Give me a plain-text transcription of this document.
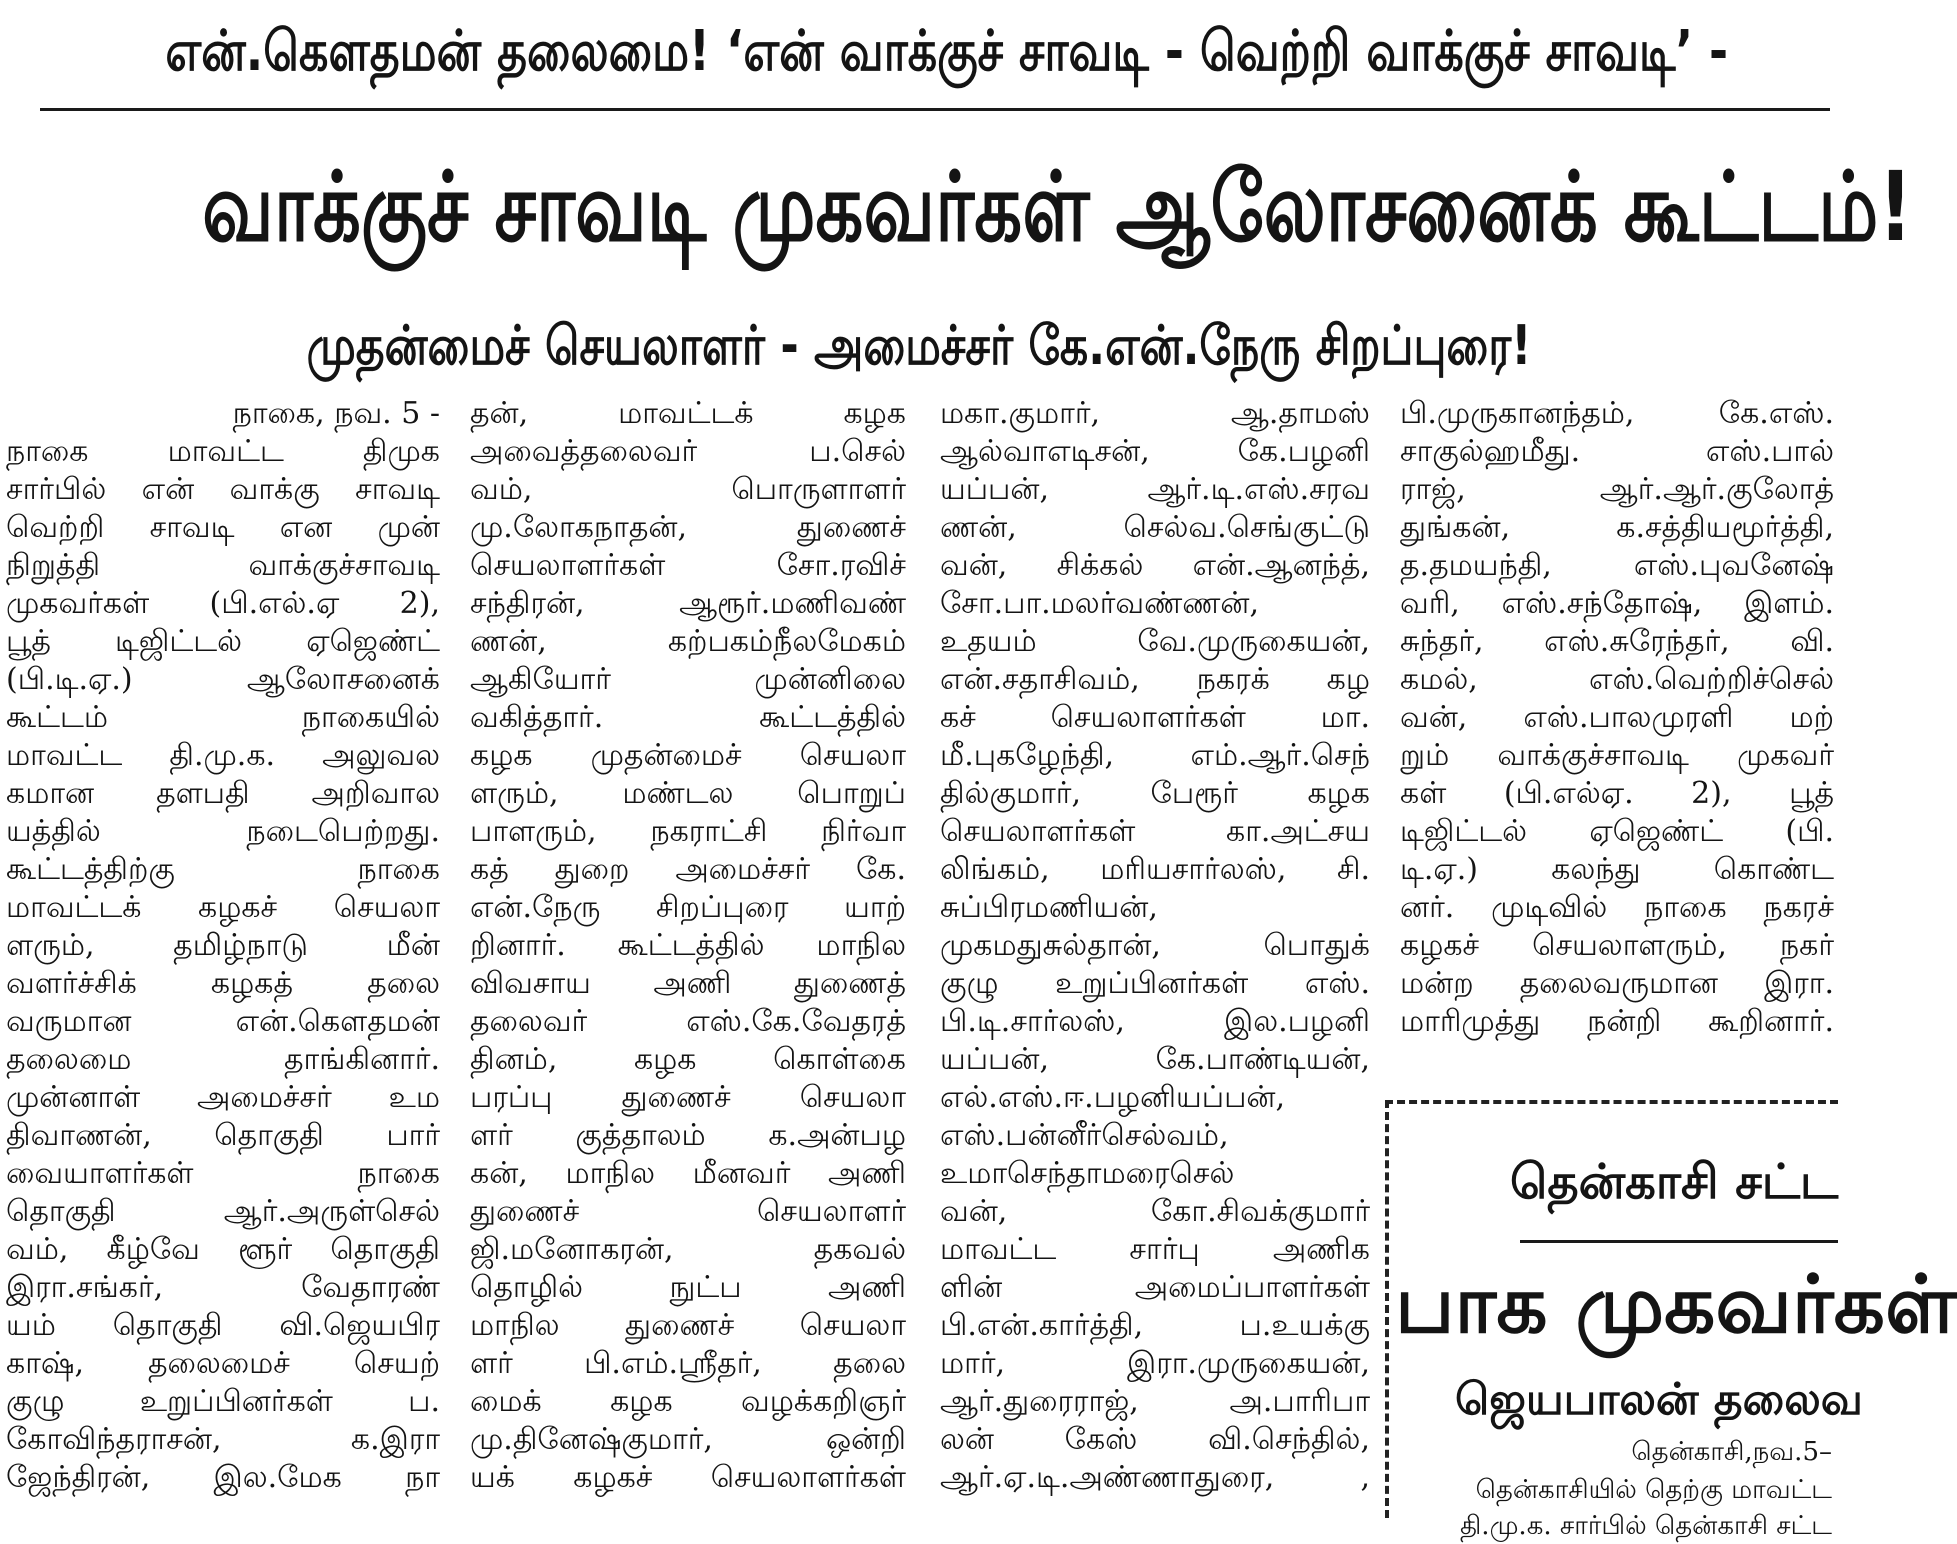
என்.கௌதமன் தலைமை! ‘என் வாக்குச் சாவடி - வெற்றி வாக்குச் சாவடி’ -
வாக்குச் சாவடி முகவர்கள் ஆலோசனைக் கூட்டம்!
முதன்மைச் செயலாளர் - அமைச்சர் கே.என்.நேரு சிறப்புரை!
நாகை, நவ. 5 -
நாகை மாவட்ட திமுக
சார்பில் என் வாக்கு சாவடி
வெற்றி சாவடி என முன்
நிறுத்தி வாக்குச்சாவடி
முகவர்கள் (பி.எல்.ஏ 2),
பூத் டிஜிட்டல் ஏஜெண்ட்
(பி.டி.ஏ.) ஆலோசனைக்
கூட்டம் நாகையில்
மாவட்ட தி.மு.க. அலுவல
கமான தளபதி அறிவால
யத்தில் நடைபெற்றது.
கூட்டத்திற்கு நாகை
மாவட்டக் கழகச் செயலா
ளரும், தமிழ்நாடு மீன்
வளர்ச்சிக் கழகத் தலை
வருமான என்.கௌதமன்
தலைமை தாங்கினார்.
முன்னாள் அமைச்சர் உம
திவாணன், தொகுதி பார்
வையாளர்கள் நாகை
தொகுதி ஆர்.அருள்செல்
வம், கீழ்வே ளூர் தொகுதி
இரா.சங்கர், வேதாரண்
யம் தொகுதி வி.ஜெயபிர
காஷ், தலைமைச் செயற்
குழு உறுப்பினர்கள் ப.
கோவிந்தராசன், க.இரா
ஜேந்திரன், இல.மேக நா
தன், மாவட்டக் கழக
அவைத்தலைவர் ப.செல்
வம், பொருளாளர்
மு.லோகநாதன், துணைச்
செயலாளர்கள் சோ.ரவிச்
சந்திரன், ஆரூர்.மணிவண்
ணன், கற்பகம்நீலமேகம்
ஆகியோர் முன்னிலை
வகித்தார். கூட்டத்தில்
கழக முதன்மைச் செயலா
ளரும், மண்டல பொறுப்
பாளரும், நகராட்சி நிர்வா
கத் துறை அமைச்சர் கே.
என்.நேரு சிறப்புரை யாற்
றினார். கூட்டத்தில் மாநில
விவசாய அணி துணைத்
தலைவர் எஸ்.கே.வேதரத்
தினம், கழக கொள்கை
பரப்பு துணைச் செயலா
ளர் குத்தாலம் க.அன்பழ
கன், மாநில மீனவர் அணி
துணைச் செயலாளர்
ஜி.மனோகரன், தகவல்
தொழில் நுட்ப அணி
மாநில துணைச் செயலா
ளர் பி.எம்.ஸ்ரீதர், தலை
மைக் கழக வழக்கறிஞர்
மு.தினேஷ்குமார், ஒன்றி
யக் கழகச் செயலாளர்கள்
மகா.குமார், ஆ.தாமஸ்
ஆல்வாஎடிசன், கே.பழனி
யப்பன், ஆர்.டி.எஸ்.சரவ
ணன், செல்வ.செங்குட்டு
வன், சிக்கல் என்.ஆனந்த்,
சோ.பா.மலர்வண்ணன்,
உதயம் வே.முருகையன்,
என்.சதாசிவம், நகரக் கழ
கச் செயலாளர்கள் மா.
மீ.புகழேந்தி, எம்.ஆர்.செந்
தில்குமார், பேரூர் கழக
செயலாளர்கள் கா.அட்சய
லிங்கம், மரியசார்லஸ், சி.
சுப்பிரமணியன்,
முகமதுசுல்தான், பொதுக்
குழு உறுப்பினர்கள் எஸ்.
பி.டி.சார்லஸ், இல.பழனி
யப்பன், கே.பாண்டியன்,
எல்.எஸ்.ஈ.பழனியப்பன்,
எஸ்.பன்னீர்செல்வம்,
உமாசெந்தாமரைசெல்
வன், கோ.சிவக்குமார்
மாவட்ட சார்பு அணிக
ளின் அமைப்பாளர்கள்
பி.என்.கார்த்தி, ப.உயக்கு
மார், இரா.முருகையன்,
ஆர்.துரைராஜ், அ.பாரிபா
லன் கேஸ் வி.செந்தில்,
ஆர்.ஏ.டி.அண்ணாதுரை, ,
பி.முருகானந்தம், கே.எஸ்.
சாகுல்ஹமீது. எஸ்.பால்
ராஜ், ஆர்.ஆர்.குலோத்
துங்கன், க.சத்தியமூர்த்தி,
த.தமயந்தி, எஸ்.புவனேஷ்
வரி, எஸ்.சந்தோஷ், இளம்.
சுந்தர், எஸ்.சுரேந்தர், வி.
கமல், எஸ்.வெற்றிச்செல்
வன், எஸ்.பாலமுரளி மற்
றும் வாக்குச்சாவடி முகவர்
கள் (பி.எல்ஏ. 2), பூத்
டிஜிட்டல் ஏஜெண்ட் (பி.
டி.ஏ.) கலந்து கொண்ட
னர். முடிவில் நாகை நகரச்
கழகச் செயலாளரும், நகர்
மன்ற தலைவருமான இரா.
மாரிமுத்து நன்றி கூறினார்.
தென்காசி சட்ட
பாக முகவர்கள்
ஜெயபாலன் தலைவ
தென்காசி,நவ.5–
தென்காசியில் தெற்கு மாவட்ட
தி.மு.க. சார்பில் தென்காசி சட்ட
